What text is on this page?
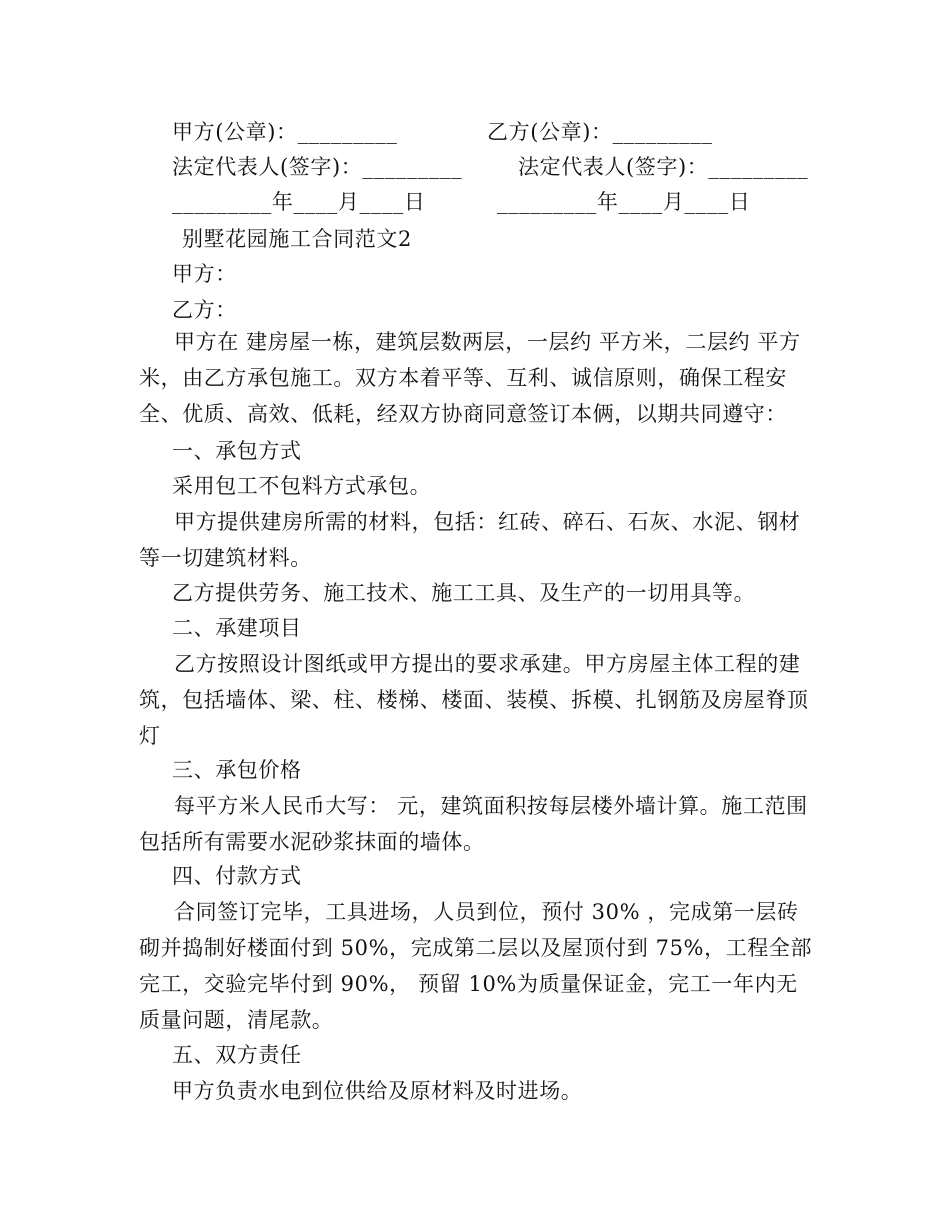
甲方(公章)：_________	乙方(公章)：_________
法定代表人(签字)：_________	法定代表人(签字)：_________
_________年____月____日	_________年____月____日
别墅花园施工合同范文2
甲方：
乙方：
甲方在 建房屋一栋，建筑层数两层，一层约 平方米，二层约 平方米，由乙方承包施工。双方本着平等、互利、诚信原则，确保工程安全、优质、高效、低耗，经双方协商同意签订本俩，以期共同遵守：
一、承包方式
采用包工不包料方式承包。
甲方提供建房所需的材料，包括：红砖、碎石、石灰、水泥、钢材等一切建筑材料。
乙方提供劳务、施工技术、施工工具、及生产的一切用具等。
二、承建项目
乙方按照设计图纸或甲方提出的要求承建。甲方房屋主体工程的建筑，包括墙体、梁、柱、楼梯、楼面、装模、拆模、扎钢筋及房屋脊顶灯
三、承包价格
每平方米人民币大写： 元，建筑面积按每层楼外墙计算。施工范围包括所有需要水泥砂浆抹面的墙体。
四、付款方式
合同签订完毕，工具进场，人员到位，预付 30% ，完成第一层砖砌并捣制好楼面付到 50%，完成第二层以及屋顶付到 75%，工程全部完工，交验完毕付到 90%， 预留 10%为质量保证金，完工一年内无质量问题，清尾款。
五、双方责任
甲方负责水电到位供给及原材料及时进场。
